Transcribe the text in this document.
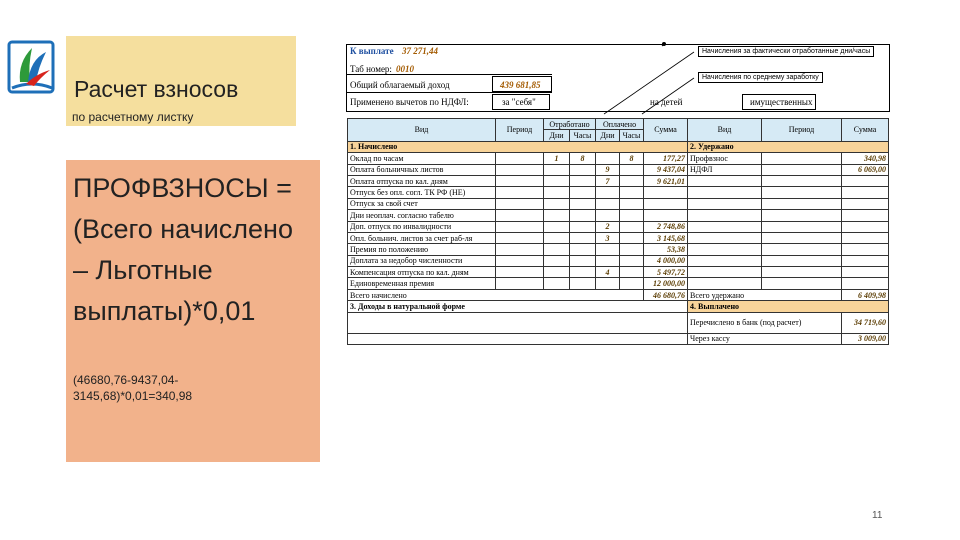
Расчет взносов
по расчетному листку
ПРОФВЗНОСЫ = (Всего начислено – Льготные выплаты)*0,01
(46680,76-9437,04-3145,68)*0,01=340,98
К выплате 37 271,44
Таб номер: 0010
Общий облагаемый доход	439 681,85
Применено вычетов по НДФЛ:	за "себя"	на детей	имущественных
Начисления за фактически отработанные дни/часы
Начисления по среднему заработку
Вид	Период	Отработано		Оплачено		Сумма	Вид	Период	Сумма
		Дни	Часы	Дни	Часы				
1. Начислено							2. Удержано		
Оклад по часам		1	8		8	177,27	Профвзнос		340,98
Оплата больничных листов				9		9 437,04	НДФЛ		6 069,00
Оплата отпуска по кал. дням				7		9 621,01			
Отпуск без опл. согл. ТК РФ (НЕ)									
Отпуск за свой счет									
Дни неоплач. согласно табелю									
Доп. отпуск по инвалидности				2		2 748,86			
Опл. больнич. листов за счет раб-ля				3		3 145,68			
Премия по положению						53,38			
Доплата за недобор численности						4 000,00			
Компенсация отпуска по кал. дням				4		5 497,72			
Единовременная премия						12 000,00			
Всего начислено						46 680,76	Всего удержано		6 409,98
3. Доходы в натуральной форме							4. Выплачено		
							Перечислено в банк (под расчет)		34 719,60
							Через кассу		3 009,00
11
